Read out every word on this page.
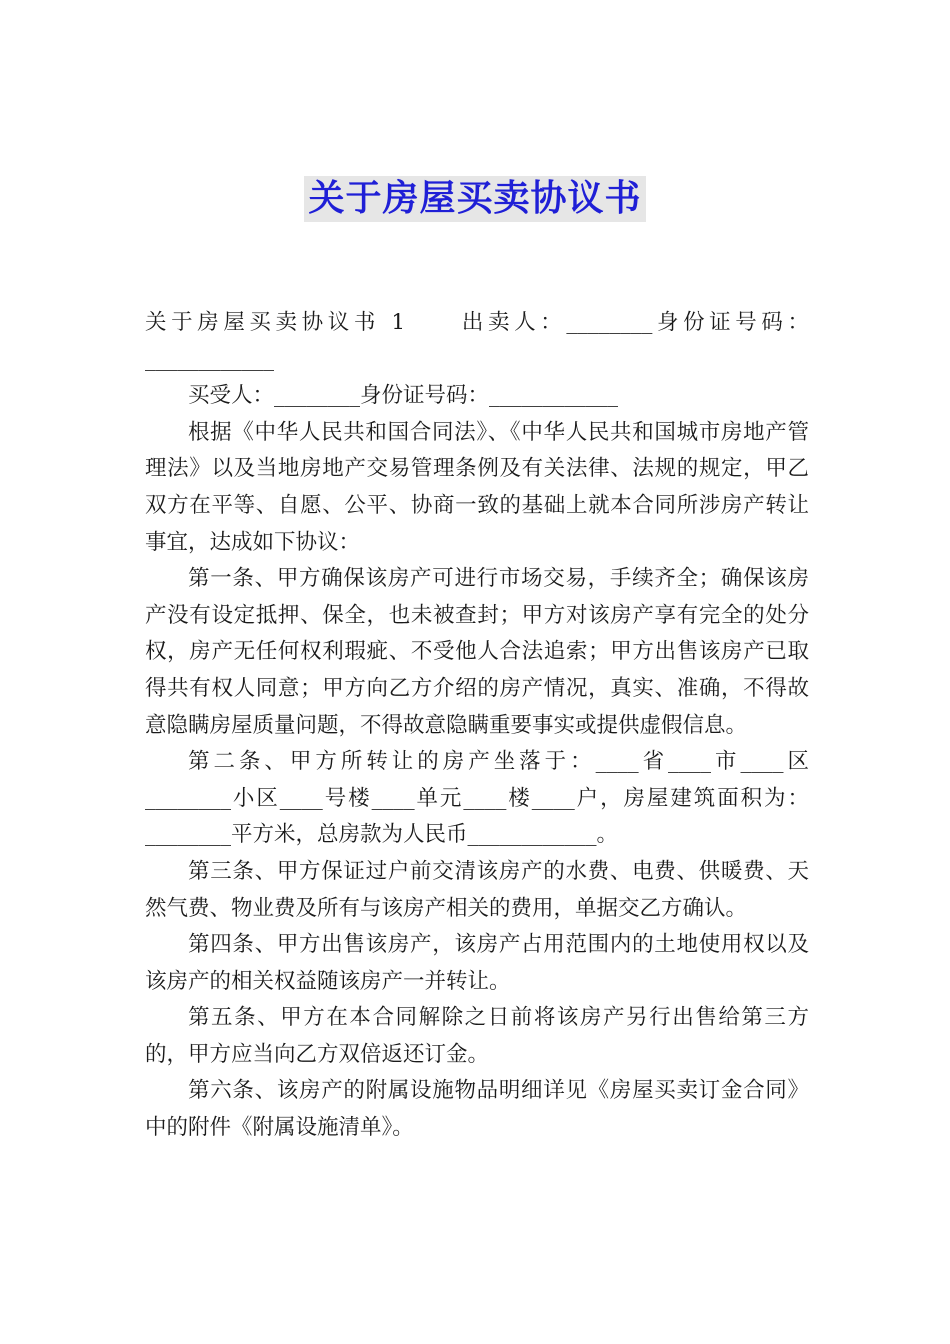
关于房屋买卖协议书

关于房屋买卖协议书 1　　出卖人：________身份证号码：____________

买受人：________身份证号码：____________

根据《中华人民共和国合同法》、《中华人民共和国城市房地产管理法》以及当地房地产交易管理条例及有关法律、法规的规定，甲乙双方在平等、自愿、公平、协商一致的基础上就本合同所涉房产转让事宜，达成如下协议：

第一条、甲方确保该房产可进行市场交易，手续齐全；确保该房产没有设定抵押、保全，也未被查封；甲方对该房产享有完全的处分权，房产无任何权利瑕疵、不受他人合法追索；甲方出售该房产已取得共有权人同意；甲方向乙方介绍的房产情况，真实、准确，不得故意隐瞒房屋质量问题，不得故意隐瞒重要事实或提供虚假信息。

第二条、甲方所转让的房产坐落于：____省____市____区________小区____号楼____单元____楼____户，房屋建筑面积为：________平方米，总房款为人民币____________。

第三条、甲方保证过户前交清该房产的水费、电费、供暖费、天然气费、物业费及所有与该房产相关的费用，单据交乙方确认。

第四条、甲方出售该房产，该房产占用范围内的土地使用权以及该房产的相关权益随该房产一并转让。

第五条、甲方在本合同解除之日前将该房产另行出售给第三方的，甲方应当向乙方双倍返还订金。

第六条、该房产的附属设施物品明细详见《房屋买卖订金合同》中的附件《附属设施清单》。
